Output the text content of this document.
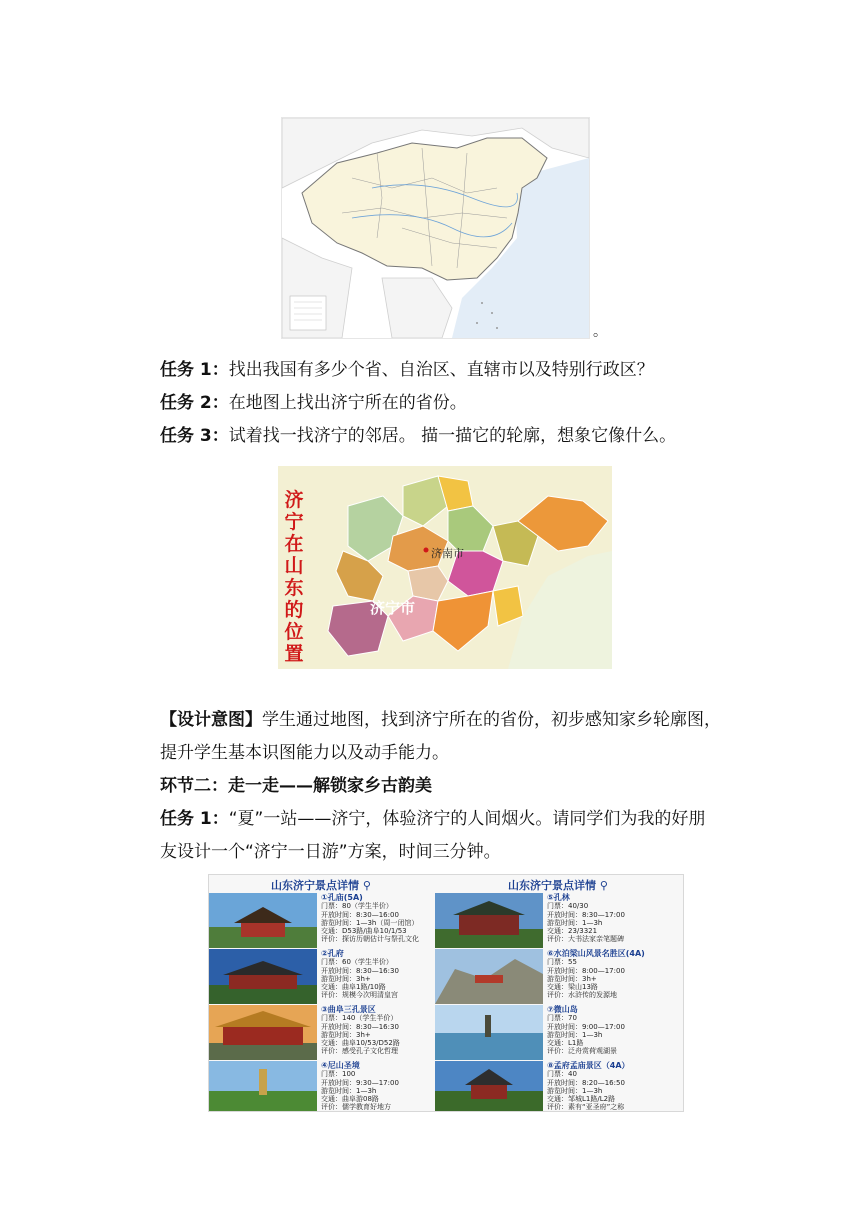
。
任务 1：找出我国有多少个省、自治区、直辖市以及特别行政区？
任务 2：在地图上找出济宁所在的省份。
任务 3：试着找一找济宁的邻居。 描一描它的轮廓，想象它像什么。
济
宁
在
山
东
的
位
置
济南市
济宁市
【设计意图】学生通过地图，找到济宁所在的省份，初步感知家乡轮廓图，
提升学生基本识图能力以及动手能力。
环节二：走一走——解锁家乡古韵美
任务 1：“夏”一站——济宁，体验济宁的人间烟火。请同学们为我的好朋
友设计一个“济宁一日游”方案，时间三分钟。
山东济宁景点详情 ⚲	山东济宁景点详情 ⚲
①孔庙(5A)
门票：80（学生半价）
开放时间：8:30—16:00
游览时间：1—3h（周一闭馆）
交通：D53路/曲阜10/1/53
评价：探访历朝估计与祭孔文化
②孔府
门票：60（学生半价）
开放时间：8:30—16:30
游览时间：3h+
交通：曲阜1路/10路
评价：规模今次明清皇宫
③曲阜三孔景区
门票：140（学生半价）
开放时间：8:30—16:30
游览时间：3h+
交通：曲阜10/53/D52路
评价：感受孔子文化哲理
④尼山圣境
门票：100
开放时间：9:30—17:00
游览时间：1—3h
交通：曲阜游08路
评价：儒学教育好地方
⑤孔林
门票：40/30
开放时间：8:30—17:00
游览时间：1—3h
交通：23/3321
评价：大书法家亲笔题碑
⑥水泊梁山风景名胜区(4A)
门票：55
开放时间：8:00—17:00
游览时间：3h+
交通：梁山13路
评价：水浒传的发源地
⑦微山岛
门票：70
开放时间：9:00—17:00
游览时间：1—3h
交通：L1路
评价：泛舟赏荷观湖景
⑧孟府孟庙景区（4A）
门票：40
开放时间：8:20—16:50
游览时间：1—3h
交通：邹城L1路/L2路
评价：素有“亚圣府”之称
